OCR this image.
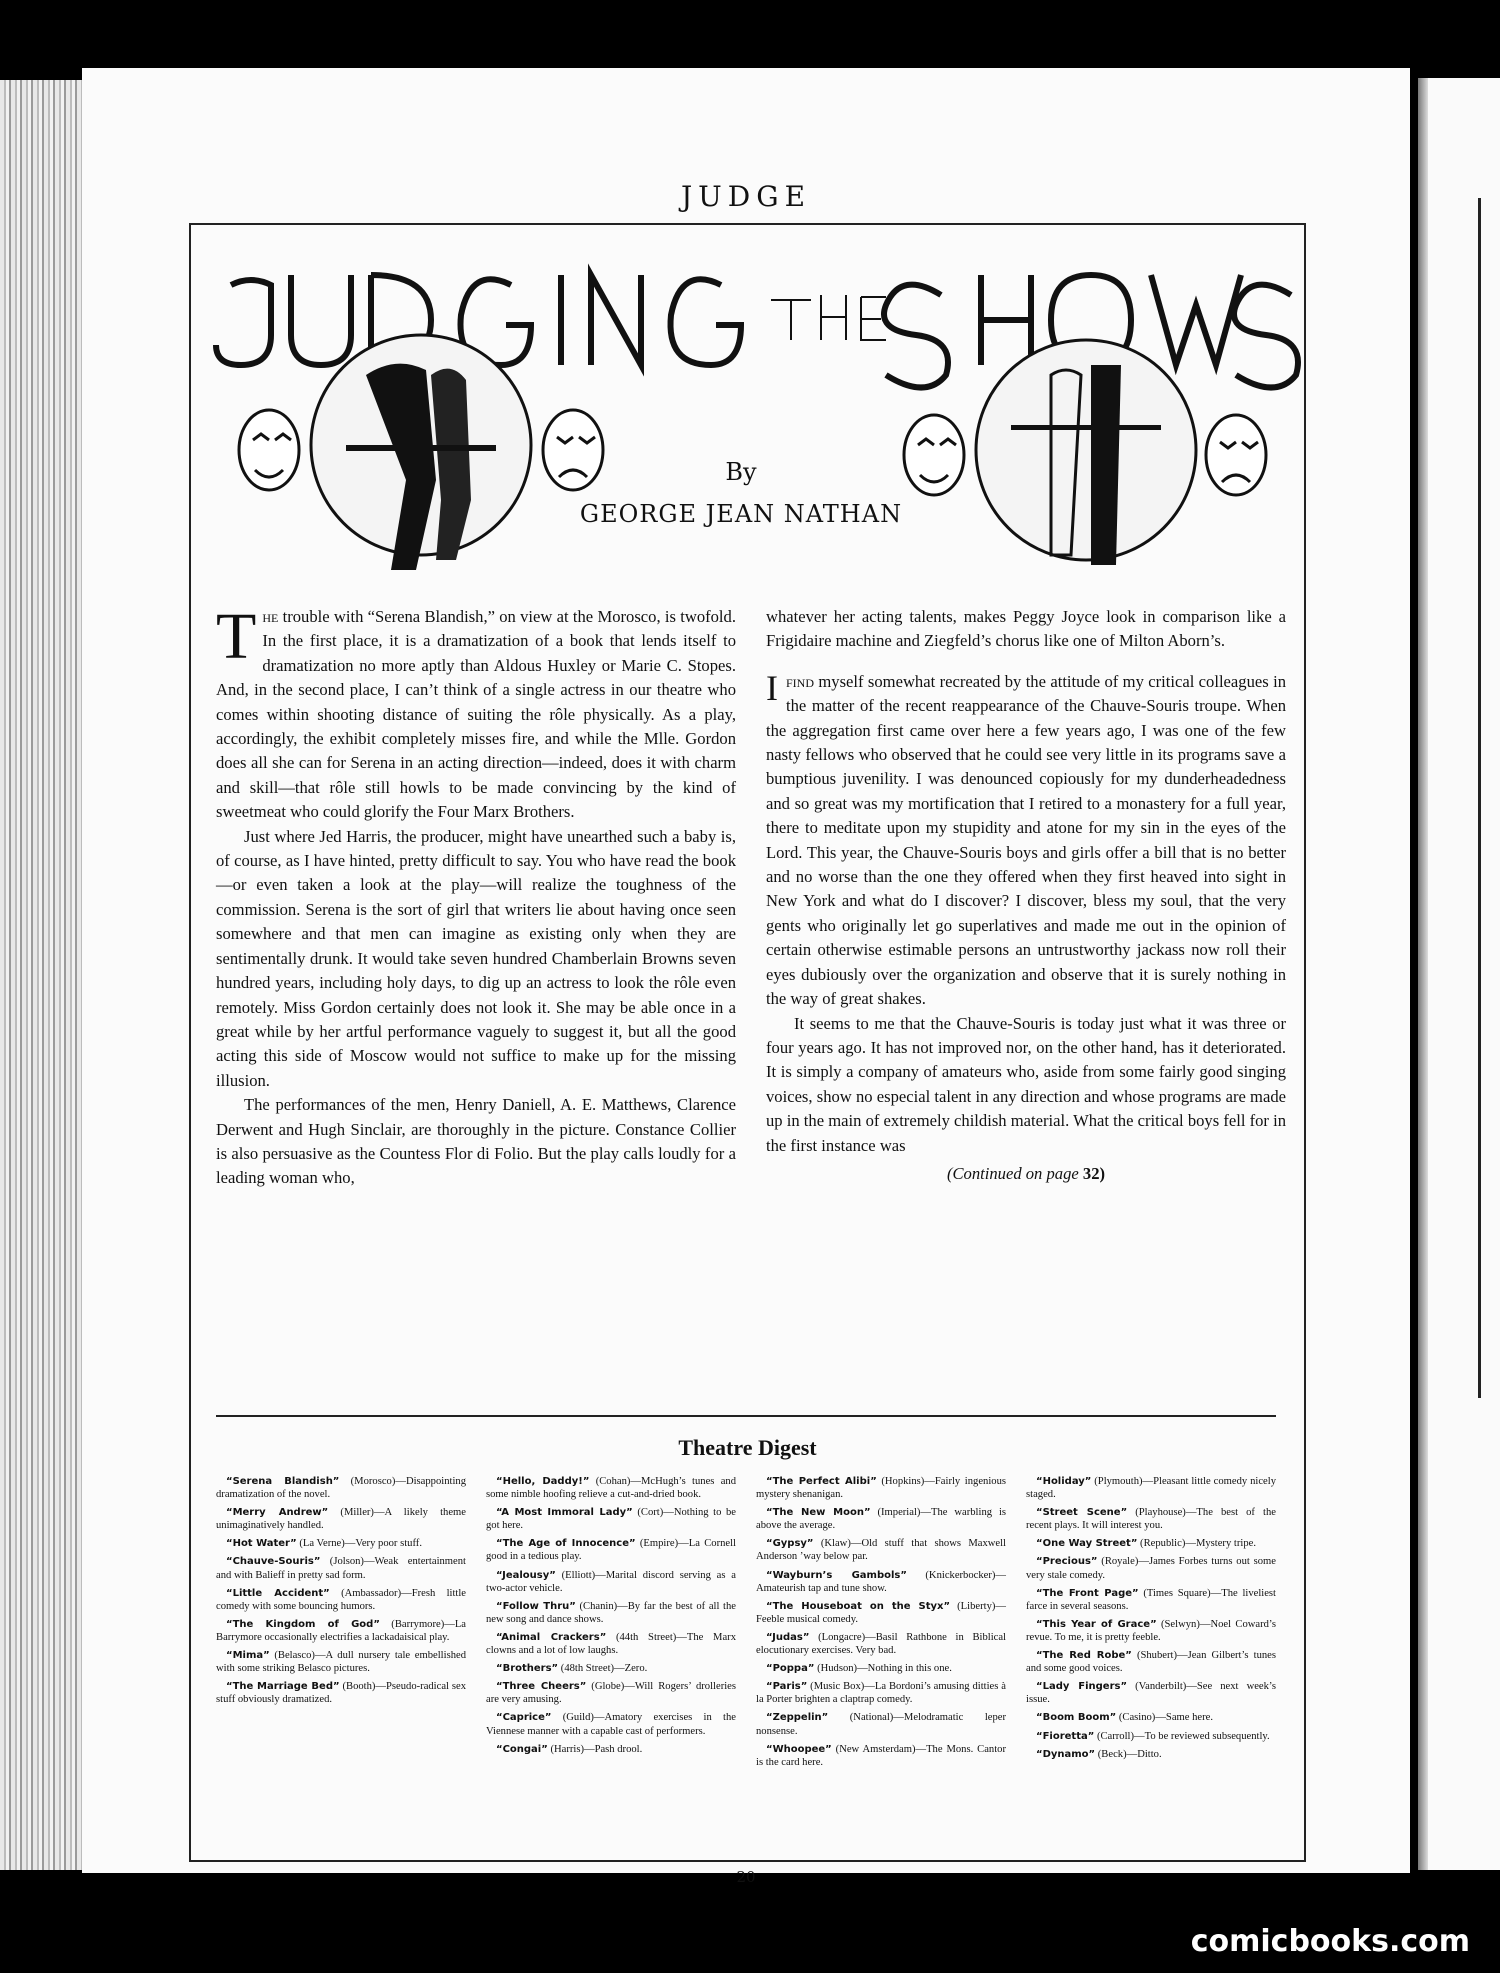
JUDGE
By
GEORGE JEAN NATHAN

The trouble with “Serena Blandish,” on view at the Morosco, is twofold. In the first place, it is a dramatization of a book that lends itself to dramatization no more aptly than Aldous Huxley or Marie C. Stopes. And, in the second place, I can’t think of a single actress in our theatre who comes within shooting distance of suiting the rôle physically. As a play, accordingly, the exhibit completely misses fire, and while the Mlle. Gordon does all she can for Serena in an acting direction—indeed, does it with charm and skill—that rôle still howls to be made convincing by the kind of sweetmeat who could glorify the Four Marx Brothers.

Just where Jed Harris, the producer, might have unearthed such a baby is, of course, as I have hinted, pretty difficult to say. You who have read the book—or even taken a look at the play—will realize the toughness of the commission. Serena is the sort of girl that writers lie about having once seen somewhere and that men can imagine as existing only when they are sentimentally drunk. It would take seven hundred Chamberlain Browns seven hundred years, including holy days, to dig up an actress to look the rôle even remotely. Miss Gordon certainly does not look it. She may be able once in a great while by her artful performance vaguely to suggest it, but all the good acting this side of Moscow would not suffice to make up for the missing illusion.

The performances of the men, Henry Daniell, A. E. Matthews, Clarence Derwent and Hugh Sinclair, are thoroughly in the picture. Constance Collier is also persuasive as the Countess Flor di Folio. But the play calls loudly for a leading woman who,

whatever her acting talents, makes Peggy Joyce look in comparison like a Frigidaire machine and Ziegfeld’s chorus like one of Milton Aborn’s.

Ifind myself somewhat recreated by the attitude of my critical colleagues in the matter of the recent reappearance of the Chauve-Souris troupe. When the aggregation first came over here a few years ago, I was one of the few nasty fellows who observed that he could see very little in its programs save a bumptious juvenility. I was denounced copiously for my dunderheadedness and so great was my mortification that I retired to a monastery for a full year, there to meditate upon my stupidity and atone for my sin in the eyes of the Lord. This year, the Chauve-Souris boys and girls offer a bill that is no better and no worse than the one they offered when they first heaved into sight in New York and what do I discover? I discover, bless my soul, that the very gents who originally let go superlatives and made me out in the opinion of certain otherwise estimable persons an untrustworthy jackass now roll their eyes dubiously over the organization and observe that it is surely nothing in the way of great shakes.

It seems to me that the Chauve-Souris is today just what it was three or four years ago. It has not improved nor, on the other hand, has it deteriorated. It is simply a company of amateurs who, aside from some fairly good singing voices, show no especial talent in any direction and whose programs are made up in the main of extremely childish material. What the critical boys fell for in the first instance was

(Continued on page 32)
Theatre Digest

“Serena Blandish” (Morosco)—Disappointing dramatization of the novel.

“Merry Andrew” (Miller)—A likely theme unimaginatively handled.

“Hot Water” (La Verne)—Very poor stuff.

“Chauve-Souris” (Jolson)—Weak entertainment and with Balieff in pretty sad form.

“Little Accident” (Ambassador)—Fresh little comedy with some bouncing humors.

“The Kingdom of God” (Barrymore)—La Barrymore occasionally electrifies a lackadaisical play.

“Mima” (Belasco)—A dull nursery tale embellished with some striking Belasco pictures.

“The Marriage Bed” (Booth)—Pseudo-radical sex stuff obviously dramatized.

“Hello, Daddy!” (Cohan)—McHugh’s tunes and some nimble hoofing relieve a cut-and-dried book.

“A Most Immoral Lady” (Cort)—Nothing to be got here.

“The Age of Innocence” (Empire)—La Cornell good in a tedious play.

“Jealousy” (Elliott)—Marital discord serving as a two-actor vehicle.

“Follow Thru” (Chanin)—By far the best of all the new song and dance shows.

“Animal Crackers” (44th Street)—The Marx clowns and a lot of low laughs.

“Brothers” (48th Street)—Zero.

“Three Cheers” (Globe)—Will Rogers’ drolleries are very amusing.

“Caprice” (Guild)—Amatory exercises in the Viennese manner with a capable cast of performers.

“Congai” (Harris)—Pash drool.

“The Perfect Alibi” (Hopkins)—Fairly ingenious mystery shenanigan.

“The New Moon” (Imperial)—The warbling is above the average.

“Gypsy” (Klaw)—Old stuff that shows Maxwell Anderson ’way below par.

“Wayburn’s Gambols” (Knickerbocker)—Amateurish tap and tune show.

“The Houseboat on the Styx” (Liberty)—Feeble musical comedy.

“Judas” (Longacre)—Basil Rathbone in Biblical elocutionary exercises. Very bad.

“Poppa” (Hudson)—Nothing in this one.

“Paris” (Music Box)—La Bordoni’s amusing ditties à la Porter brighten a claptrap comedy.

“Zeppelin” (National)—Melodramatic leper nonsense.

“Whoopee” (New Amsterdam)—The Mons. Cantor is the card here.

“Holiday” (Plymouth)—Pleasant little comedy nicely staged.

“Street Scene” (Playhouse)—The best of the recent plays. It will interest you.

“One Way Street” (Republic)—Mystery tripe.

“Precious” (Royale)—James Forbes turns out some very stale comedy.

“The Front Page” (Times Square)—The liveliest farce in several seasons.

“This Year of Grace” (Selwyn)—Noel Coward’s revue. To me, it is pretty feeble.

“The Red Robe” (Shubert)—Jean Gilbert’s tunes and some good voices.

“Lady Fingers” (Vanderbilt)—See next week’s issue.

“Boom Boom” (Casino)—Same here.

“Fioretta” (Carroll)—To be reviewed subsequently.

“Dynamo” (Beck)—Ditto.

20
comicbooks.com
